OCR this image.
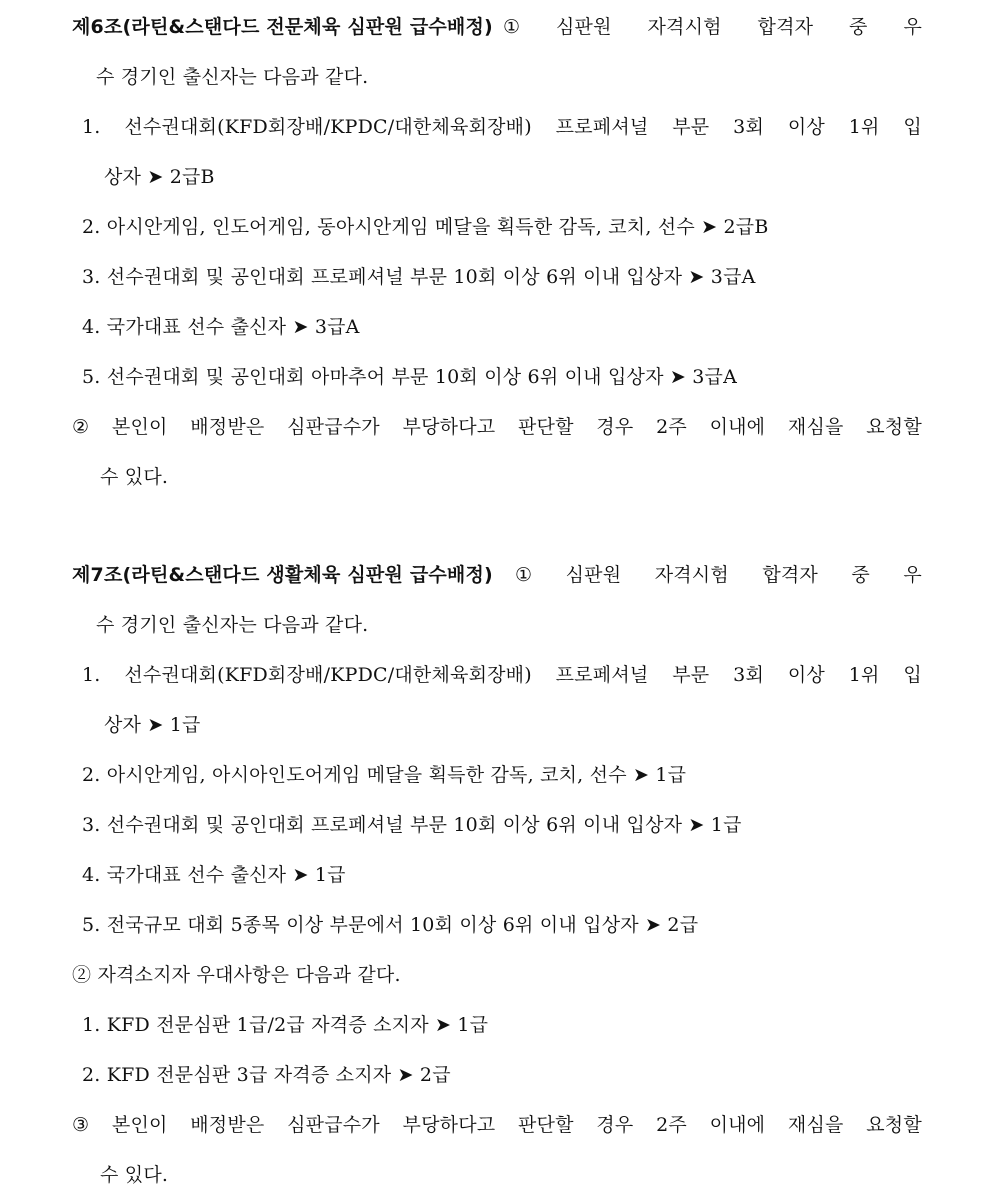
제6조(라틴&스탠다드 전문체육 심판원 급수배정) ① 심판원 자격시험 합격자 중 우
수 경기인 출신자는 다음과 같다.
1. 선수권대회(KFD회장배/KPDC/대한체육회장배) 프로페셔널 부문 3회 이상 1위 입
상자 ➤ 2급B
2. 아시안게임, 인도어게임, 동아시안게임 메달을 획득한 감독, 코치, 선수 ➤ 2급B
3. 선수권대회 및 공인대회 프로페셔널 부문 10회 이상 6위 이내 입상자 ➤ 3급A
4. 국가대표 선수 출신자 ➤ 3급A
5. 선수권대회 및 공인대회 아마추어 부문 10회 이상 6위 이내 입상자 ➤ 3급A
② 본인이 배정받은 심판급수가 부당하다고 판단할 경우 2주 이내에 재심을 요청할
수 있다.
제7조(라틴&스탠다드 생활체육 심판원 급수배정) ① 심판원 자격시험 합격자 중 우
수 경기인 출신자는 다음과 같다.
1. 선수권대회(KFD회장배/KPDC/대한체육회장배) 프로페셔널 부문 3회 이상 1위 입
상자 ➤ 1급
2. 아시안게임, 아시아인도어게임 메달을 획득한 감독, 코치, 선수 ➤ 1급
3. 선수권대회 및 공인대회 프로페셔널 부문 10회 이상 6위 이내 입상자 ➤ 1급
4. 국가대표 선수 출신자 ➤ 1급
5. 전국규모 대회 5종목 이상 부문에서 10회 이상 6위 이내 입상자 ➤ 2급
② 자격소지자 우대사항은 다음과 같다.
1. KFD 전문심판 1급/2급 자격증 소지자 ➤ 1급
2. KFD 전문심판 3급 자격증 소지자 ➤ 2급
③ 본인이 배정받은 심판급수가 부당하다고 판단할 경우 2주 이내에 재심을 요청할
수 있다.
